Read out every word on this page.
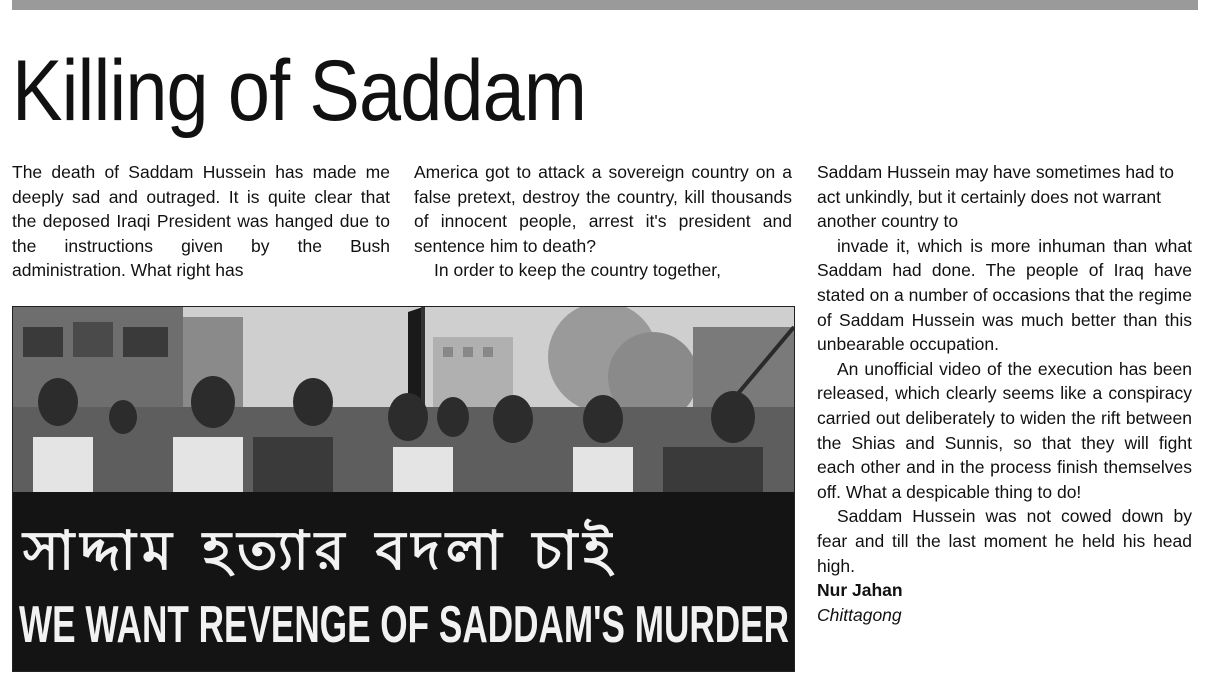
Killing of Saddam

The death of Saddam Hussein has made me deeply sad and outraged. It is quite clear that the deposed Iraqi President was hanged due to the instructions given by the Bush administration. What right has

America got to attack a sovereign country on a false pretext, destroy the country, kill thousands of innocent people, arrest it's president and sentence him to death?

In order to keep the country together,

Saddam Hussein may have sometimes had to act unkindly, but it certainly does not warrant another country to

invade it, which is more inhuman than what Saddam had done. The people of Iraq have stated on a number of occasions that the regime of Saddam Hussein was much better than this unbearable occupation.

An unofficial video of the execution has been released, which clearly seems like a conspiracy carried out deliberately to widen the rift between the Shias and Sunnis, so that they will fight each other and in the process finish themselves off. What a despicable thing to do!

Saddam Hussein was not cowed down by fear and till the last moment he held his head high.

Nur Jahan

Chittagong

সাদ্দাম হত্যার বদলা চাই
WE WANT REVENGE OF SADDAM'S MURDER
